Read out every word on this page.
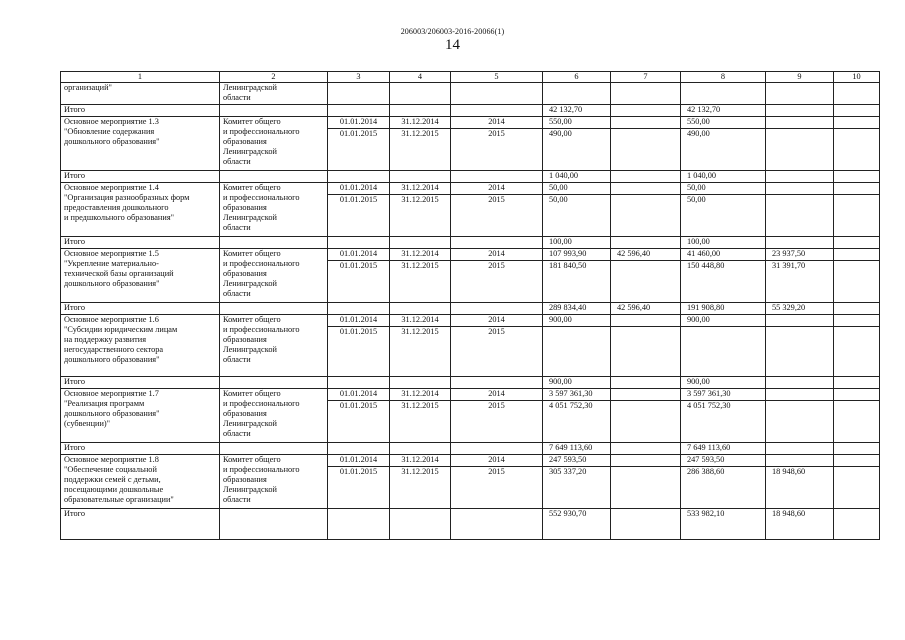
206003/206003-2016-20066(1)
14
1	2	3	4	5	6	7	8	9	10
организаций"	Ленинградской
области								
Итого					42 132,70		42 132,70		
Основное мероприятие 1.3
"Обновление содержания
дошкольного образования"	Комитет общего
и профессионального
образования
Ленинградской
области	01.01.2014	31.12.2014	2014	550,00		550,00		
		01.01.2015	31.12.2015	2015	490,00		490,00		
Итого					1 040,00		1 040,00		
Основное мероприятие 1.4
"Организация разнообразных форм
предоставления дошкольного
и предшкольного образования"	Комитет общего
и профессионального
образования
Ленинградской
области	01.01.2014	31.12.2014	2014	50,00		50,00		
		01.01.2015	31.12.2015	2015	50,00		50,00		
Итого					100,00		100,00		
Основное мероприятие 1.5
"Укрепление материально-
технической базы организаций
дошкольного образования"	Комитет общего
и профессионального
образования
Ленинградской
области	01.01.2014	31.12.2014	2014	107 993,90	42 596,40	41 460,00	23 937,50	
		01.01.2015	31.12.2015	2015	181 840,50		150 448,80	31 391,70	
Итого					289 834,40	42 596,40	191 908,80	55 329,20	
Основное мероприятие 1.6
"Субсидии юридическим лицам
на поддержку развития
негосударственного сектора
дошкольного образования"	Комитет общего
и профессионального
образования
Ленинградской
области	01.01.2014	31.12.2014	2014	900,00		900,00		
		01.01.2015	31.12.2015	2015					
Итого					900,00		900,00		
Основное мероприятие 1.7
"Реализация программ
дошкольного образования"
(субвенции)"	Комитет общего
и профессионального
образования
Ленинградской
области	01.01.2014	31.12.2014	2014	3 597 361,30		3 597 361,30		
		01.01.2015	31.12.2015	2015	4 051 752,30		4 051 752,30		
Итого					7 649 113,60		7 649 113,60		
Основное мероприятие 1.8
"Обеспечение социальной
поддержки семей с детьми,
посещающими дошкольные
образовательные организации"	Комитет общего
и профессионального
образования
Ленинградской
области	01.01.2014	31.12.2014	2014	247 593,50		247 593,50		
		01.01.2015	31.12.2015	2015	305 337,20		286 388,60	18 948,60	
Итого					552 930,70		533 982,10	18 948,60	
